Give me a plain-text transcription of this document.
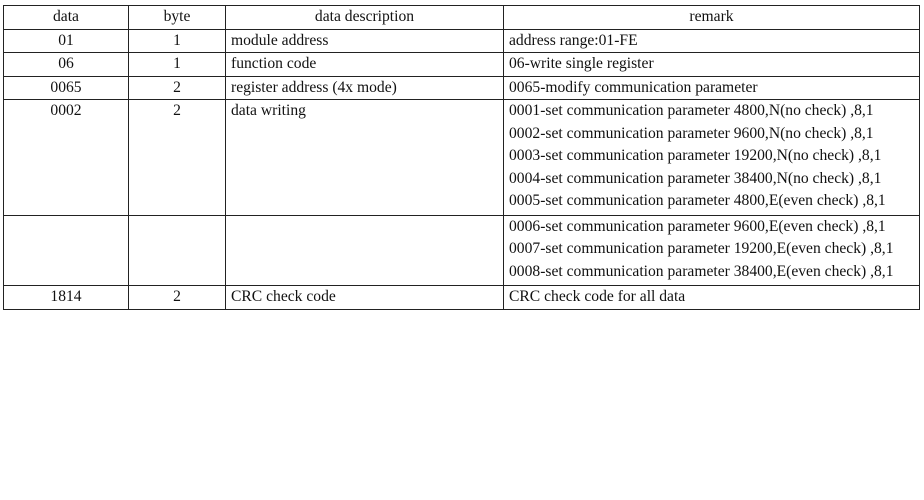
data	byte	data description	remark
01	1	module address	address range:01-FE

06	1	function code	06-write single register

0065	2	register address (4x mode)	0065-modify communication parameter

0002	2	data writing	0001-set communication parameter 4800,N(no check) ,8,1
0002-set communication parameter 9600,N(no check) ,8,1
0003-set communication parameter 19200,N(no check) ,8,1
0004-set communication parameter 38400,N(no check) ,8,1
0005-set communication parameter 4800,E(even check) ,8,1

			0006-set communication parameter 9600,E(even check) ,8,1
0007-set communication parameter 19200,E(even check) ,8,1
0008-set communication parameter 38400,E(even check) ,8,1

1814	2	CRC check code	CRC check code for all data
